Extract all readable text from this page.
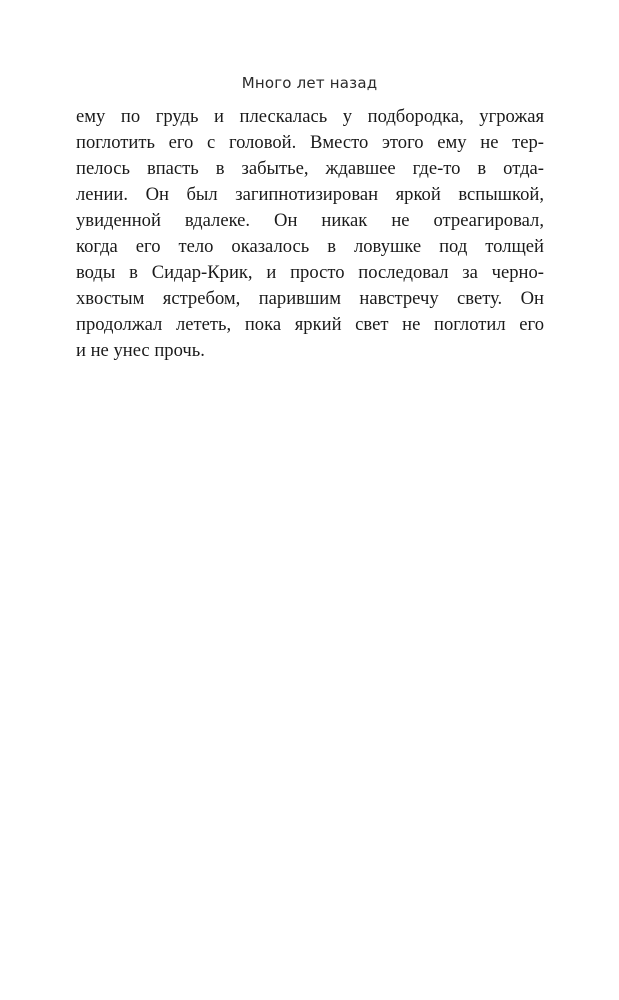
Много лет назад
ему по грудь и плескалась у подбородка, угрожая
поглотить его с головой. Вместо этого ему не тер-
пелось впасть в забытье, ждавшее где-то в отда-
лении. Он был загипнотизирован яркой вспышкой,
увиденной вдалеке. Он никак не отреагировал,
когда его тело оказалось в ловушке под толщей
воды в Сидар-Крик, и просто последовал за черно-
хвостым ястребом, парившим навстречу свету. Он
продолжал лететь, пока яркий свет не поглотил его
и не унес прочь.
